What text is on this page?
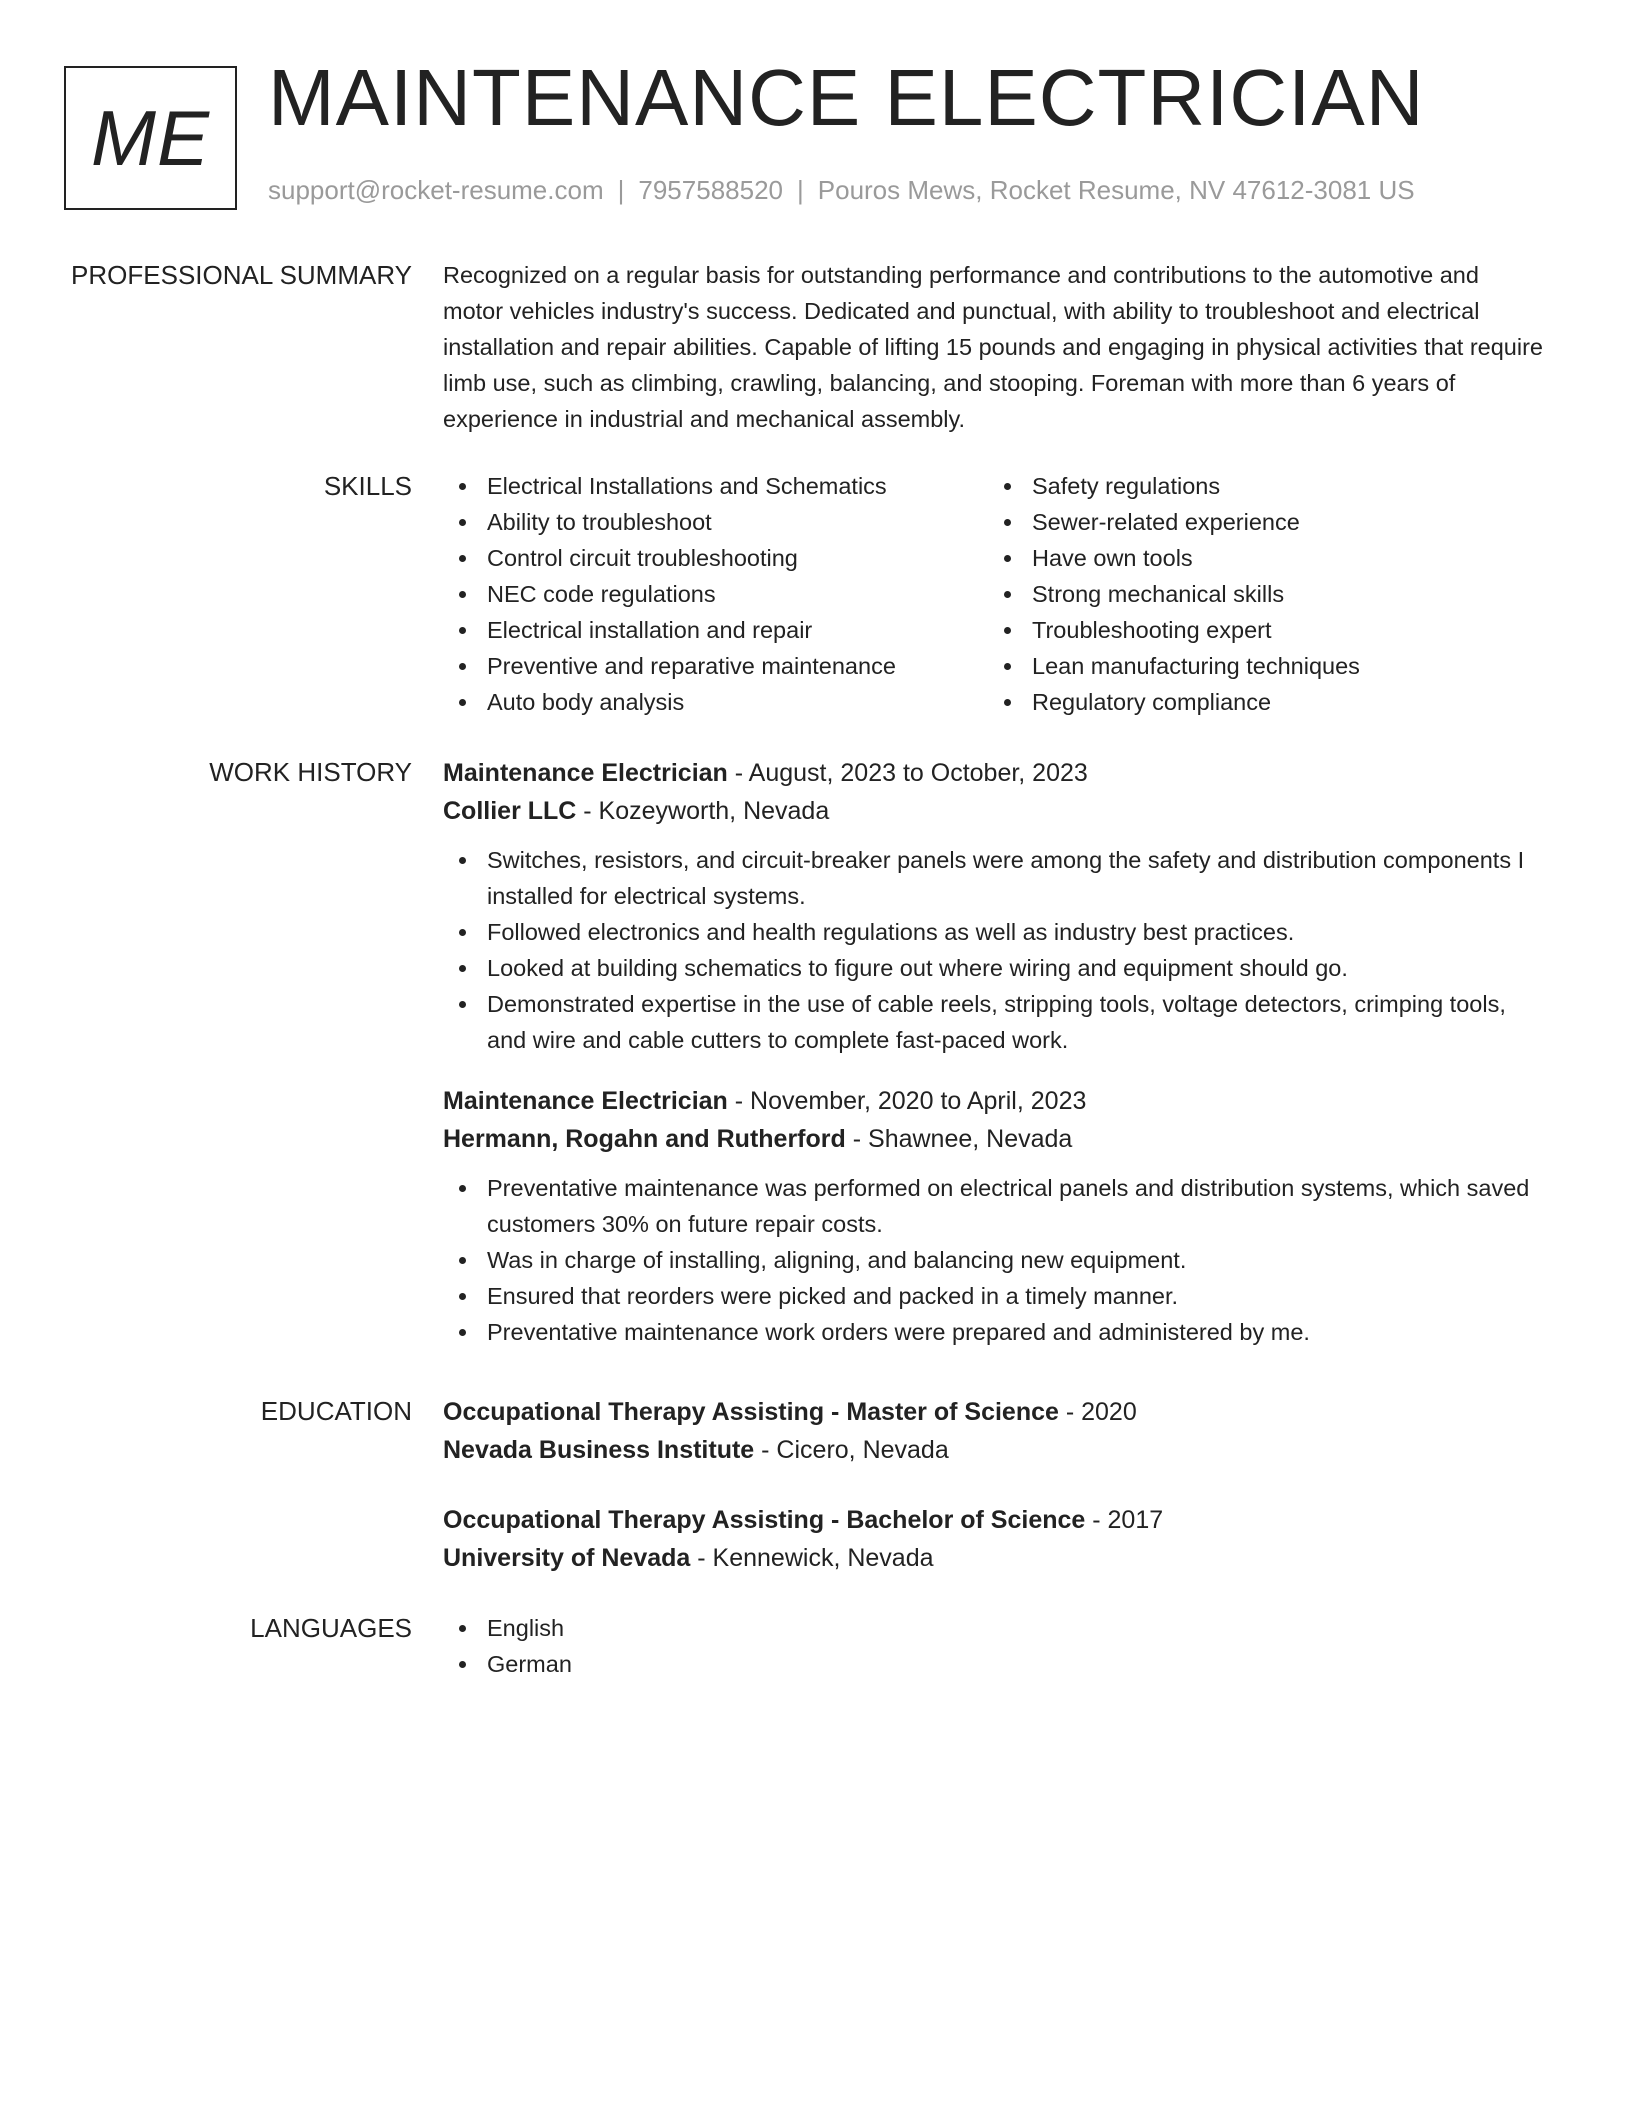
ME MAINTENANCE ELECTRICIAN
support@rocket-resume.com | 7957588520 | Pouros Mews, Rocket Resume, NV 47612-3081 US
PROFESSIONAL SUMMARY Recognized on a regular basis for outstanding performance and contributions to the automotive and motor vehicles industry's success. Dedicated and punctual, with ability to troubleshoot and electrical installation and repair abilities. Capable of lifting 15 pounds and engaging in physical activities that require limb use, such as climbing, crawling, balancing, and stooping. Foreman with more than 6 years of experience in industrial and mechanical assembly.

SKILLS	Electrical Installations and Schematics
Ability to troubleshoot
Control circuit troubleshooting
NEC code regulations
Electrical installation and repair
Preventive and reparative maintenance
Auto body analysis
Safety regulations
Sewer-related experience
Have own tools
Strong mechanical skills
Troubleshooting expert
Lean manufacturing techniques
Regulatory compliance
WORK HISTORY Maintenance Electrician - August, 2023 to October, 2023
Collier LLC - Kozeyworth, Nevada
Switches, resistors, and circuit-breaker panels were among the safety and distribution components I installed for electrical systems.
Followed electronics and health regulations as well as industry best practices.
Looked at building schematics to figure out where wiring and equipment should go.
Demonstrated expertise in the use of cable reels, stripping tools, voltage detectors, crimping tools, and wire and cable cutters to complete fast-paced work.
Maintenance Electrician - November, 2020 to April, 2023
Hermann, Rogahn and Rutherford - Shawnee, Nevada
Preventative maintenance was performed on electrical panels and distribution systems, which saved customers 30% on future repair costs.
Was in charge of installing, aligning, and balancing new equipment.
Ensured that reorders were picked and packed in a timely manner.
Preventative maintenance work orders were prepared and administered by me.
EDUCATION Occupational Therapy Assisting - Master of Science - 2020
Nevada Business Institute - Cicero, Nevada
Occupational Therapy Assisting - Bachelor of Science - 2017
University of Nevada - Kennewick, Nevada
LANGUAGES	English
German
